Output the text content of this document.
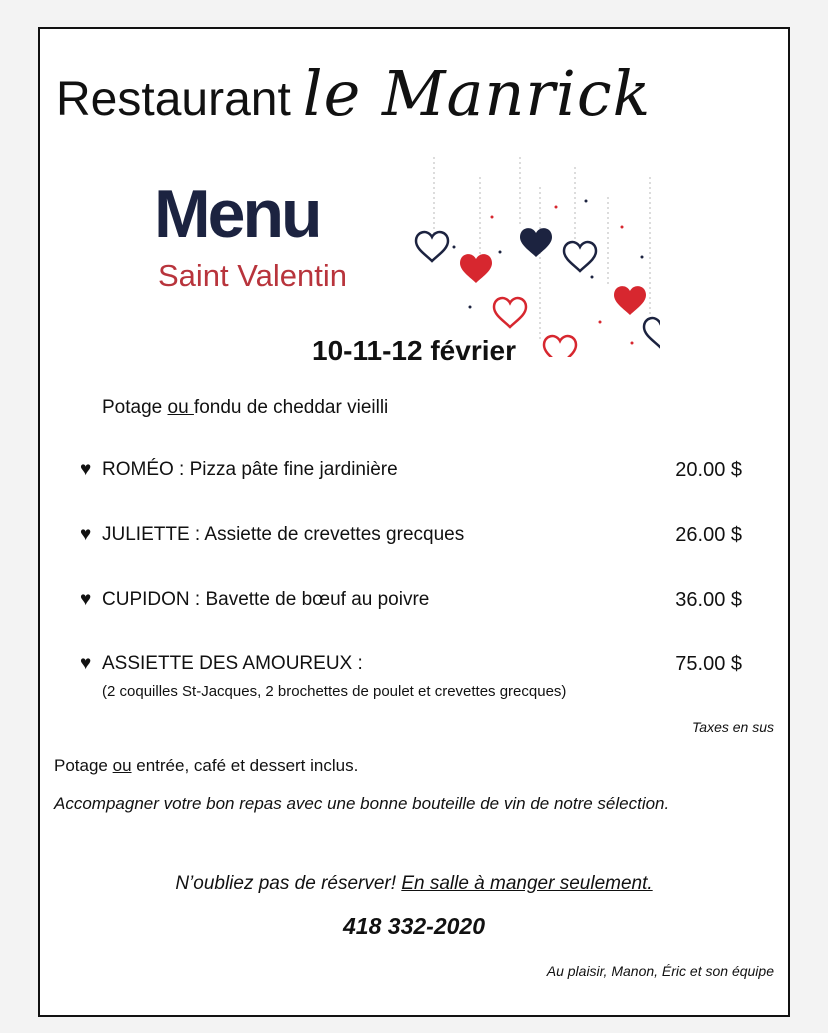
Restaurant le Manrick
Menu
Saint Valentin
10-11-12 février
Potage ou fondu de cheddar vieilli
♥ ROMÉO : Pizza pâte fine jardinière	20.00 $
♥ JULIETTE : Assiette de crevettes grecques	26.00 $
♥ CUPIDON : Bavette de bœuf au poivre	36.00 $
♥ ASSIETTE DES AMOUREUX :	75.00 $
(2 coquilles St-Jacques, 2 brochettes de poulet et crevettes grecques)
Taxes en sus
Potage ou entrée, café et dessert inclus.
Accompagner votre bon repas avec une bonne bouteille de vin de notre sélection.
N’oubliez pas de réserver! En salle à manger seulement.
418 332-2020
Au plaisir, Manon, Éric et son équipe
